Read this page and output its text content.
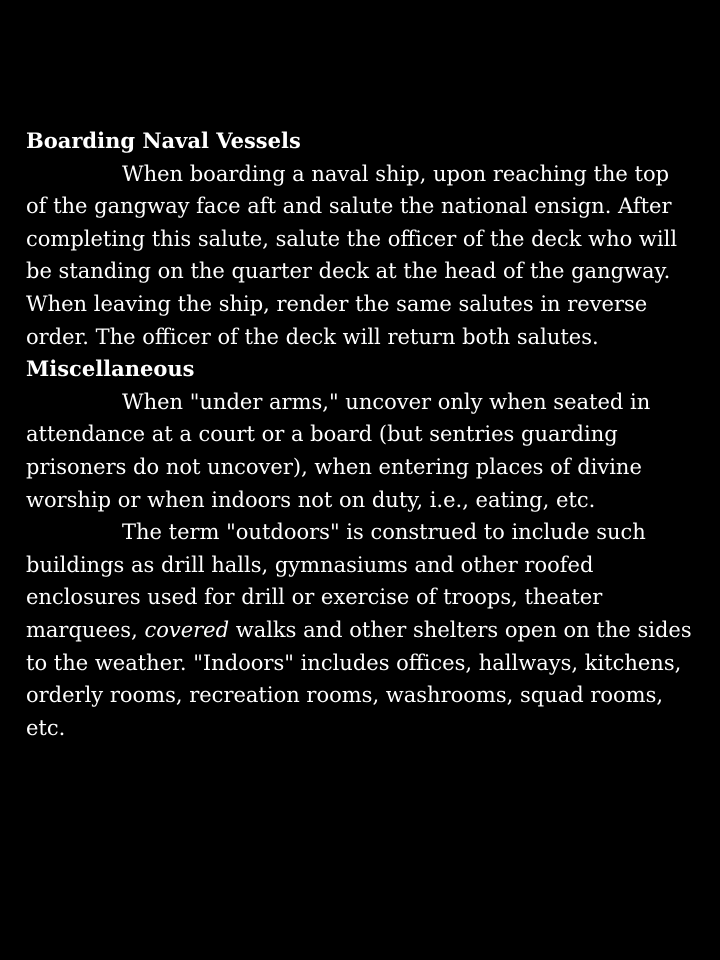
Boarding Naval Vessels
When boarding a naval ship, upon reaching the top of the gangway face aft and salute the national ensign. After completing this salute, salute the officer of the deck who will be standing on the quarter deck at the head of the gangway. When leaving the ship, render the same salutes in reverse order. The officer of the deck will return both salutes.
Miscellaneous
When "under arms," uncover only when seated in attendance at a court or a board (but sentries guarding prisoners do not uncover), when entering places of divine worship or when indoors not on duty, i.e., eating, etc.
The term "outdoors" is construed to include such buildings as drill halls, gymnasiums and other roofed enclosures used for drill or exercise of troops, theater marquees, covered walks and other shelters open on the sides to the weather. "Indoors" includes offices, hallways, kitchens, orderly rooms, recreation rooms, washrooms, squad rooms, etc.
